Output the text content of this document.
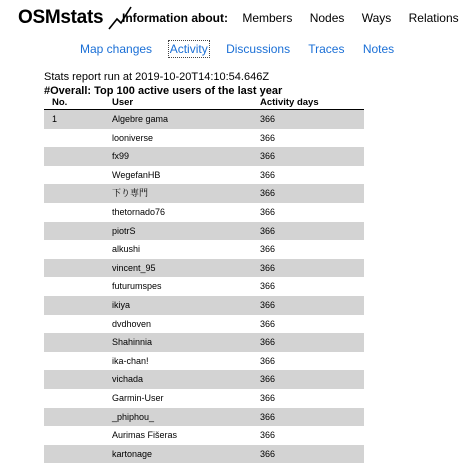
OSMstats Information about: Members Nodes Ways Relations
Map changes Activity Discussions Traces Notes
Stats report run at 2019-10-20T14:10:54.646Z
#Overall: Top 100 active users of the last year
No.	User	Activity days
1	Algebre gama	366
	looniverse	366
	fx99	366
	WegefanHB	366
	下り専門	366
	thetornado76	366
	piotrS	366
	alkushi	366
	vincent_95	366
	futurumspes	366
	ikiya	366
	dvdhoven	366
	Shahinnia	366
	ika-chan!	366
	vichada	366
	Garmin-User	366
	_phiphou_	366
	Aurimas Fišeras	366
	kartonage	366
